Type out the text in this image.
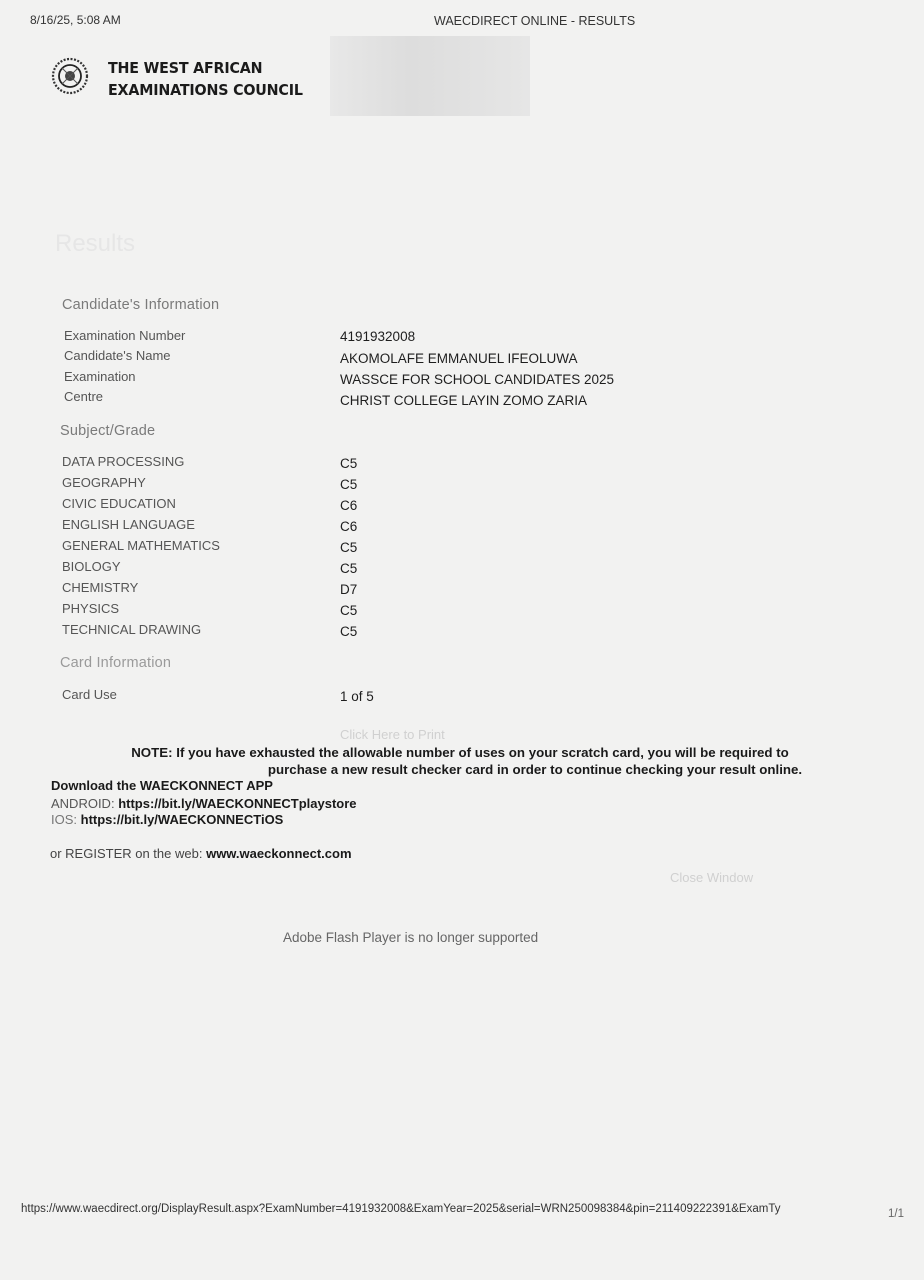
8/16/25, 5:08 AM	WAECDIRECT ONLINE - RESULTS
THE WEST AFRICAN
EXAMINATIONS COUNCIL
Results
Candidate's Information
Examination Number	4191932008
Candidate's Name	AKOMOLAFE EMMANUEL IFEOLUWA
Examination	WASSCE FOR SCHOOL CANDIDATES 2025
Centre	CHRIST COLLEGE LAYIN ZOMO ZARIA
Subject/Grade
DATA PROCESSING	C5
GEOGRAPHY	C5
CIVIC EDUCATION	C6
ENGLISH LANGUAGE	C6
GENERAL MATHEMATICS	C5
BIOLOGY	C5
CHEMISTRY	D7
PHYSICS	C5
TECHNICAL DRAWING	C5
Card Information
Card Use	1 of 5
Click Here to Print
NOTE: If you have exhausted the allowable number of uses on your scratch card, you will be required to
purchase a new result checker card in order to continue checking your result online.
Download the WAECKONNECT APP
ANDROID: https://bit.ly/WAECKONNECTplaystore
IOS: https://bit.ly/WAECKONNECTiOS
or REGISTER on the web: www.waeckonnect.com
Close Window
Adobe Flash Player is no longer supported
https://www.waecdirect.org/DisplayResult.aspx?ExamNumber=4191932008&ExamYear=2025&serial=WRN250098384&pin=211409222391&ExamTy	1/1
